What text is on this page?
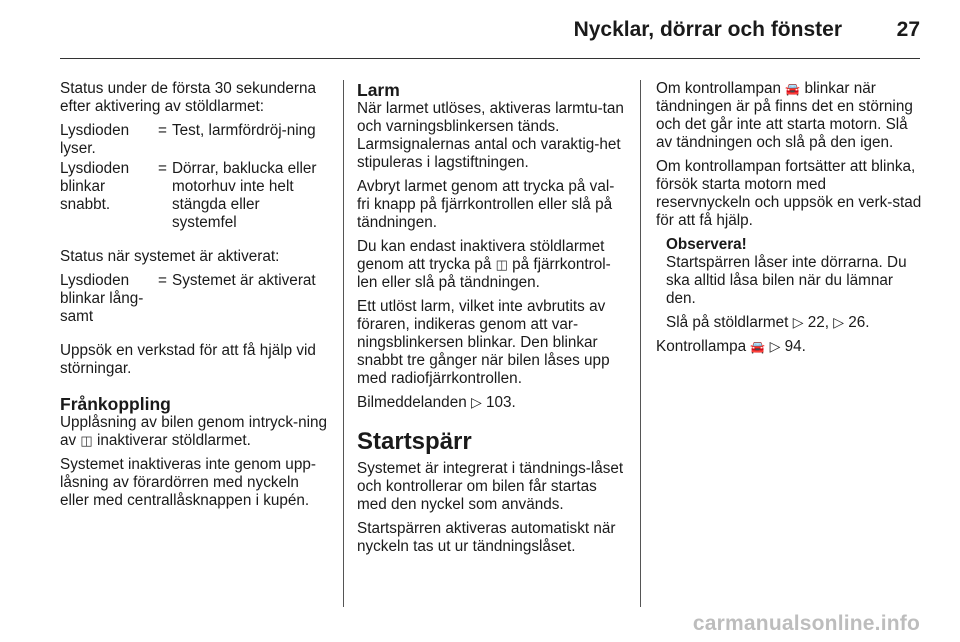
Nycklar, dörrar och fönster	27

Status under de första 30 sekunderna efter aktivering av stöldlarmet:

Lysdioden lyser.
= Test, larmfördröj-ning
Lysdioden blinkar snabbt.
= Dörrar, baklucka eller motorhuv inte helt stängda eller systemfel

Status när systemet är aktiverat:

Lysdioden blinkar lång-samt
= Systemet är aktiverat

Uppsök en verkstad för att få hjälp vid störningar.

Frånkoppling

Upplåsning av bilen genom intryck-ning av ◫ inaktiverar stöldlarmet.

Systemet inaktiveras inte genom upp-låsning av förardörren med nyckeln eller med centrallåsknappen i kupén.

Larm

När larmet utlöses, aktiveras larmtu-tan och varningsblinkersen tänds. Larmsignalernas antal och varaktig-het stipuleras i lagstiftningen.

Avbryt larmet genom att trycka på val-fri knapp på fjärrkontrollen eller slå på tändningen.

Du kan endast inaktivera stöldlarmet genom att trycka på ◫ på fjärrkontrol-len eller slå på tändningen.

Ett utlöst larm, vilket inte avbrutits av föraren, indikeras genom att var-ningsblinkersen blinkar. Den blinkar snabbt tre gånger när bilen låses upp med radiofjärrkontrollen.

Bilmeddelanden ▷ 103.

Startspärr

Systemet är integrerat i tändnings-låset och kontrollerar om bilen får startas med den nyckel som används.

Startspärren aktiveras automatiskt när nyckeln tas ut ur tändningslåset.

Om kontrollampan 🚘 blinkar när tändningen är på finns det en störning och det går inte att starta motorn. Slå av tändningen och slå på den igen.

Om kontrollampan fortsätter att blinka, försök starta motorn med reservnyckeln och uppsök en verk-stad för att få hjälp.

Observera!

Startspärren låser inte dörrarna. Du ska alltid låsa bilen när du lämnar den.

Slå på stöldlarmet ▷ 22, ▷ 26.

Kontrollampa 🚘 ▷ 94.

carmanualsonline.info
